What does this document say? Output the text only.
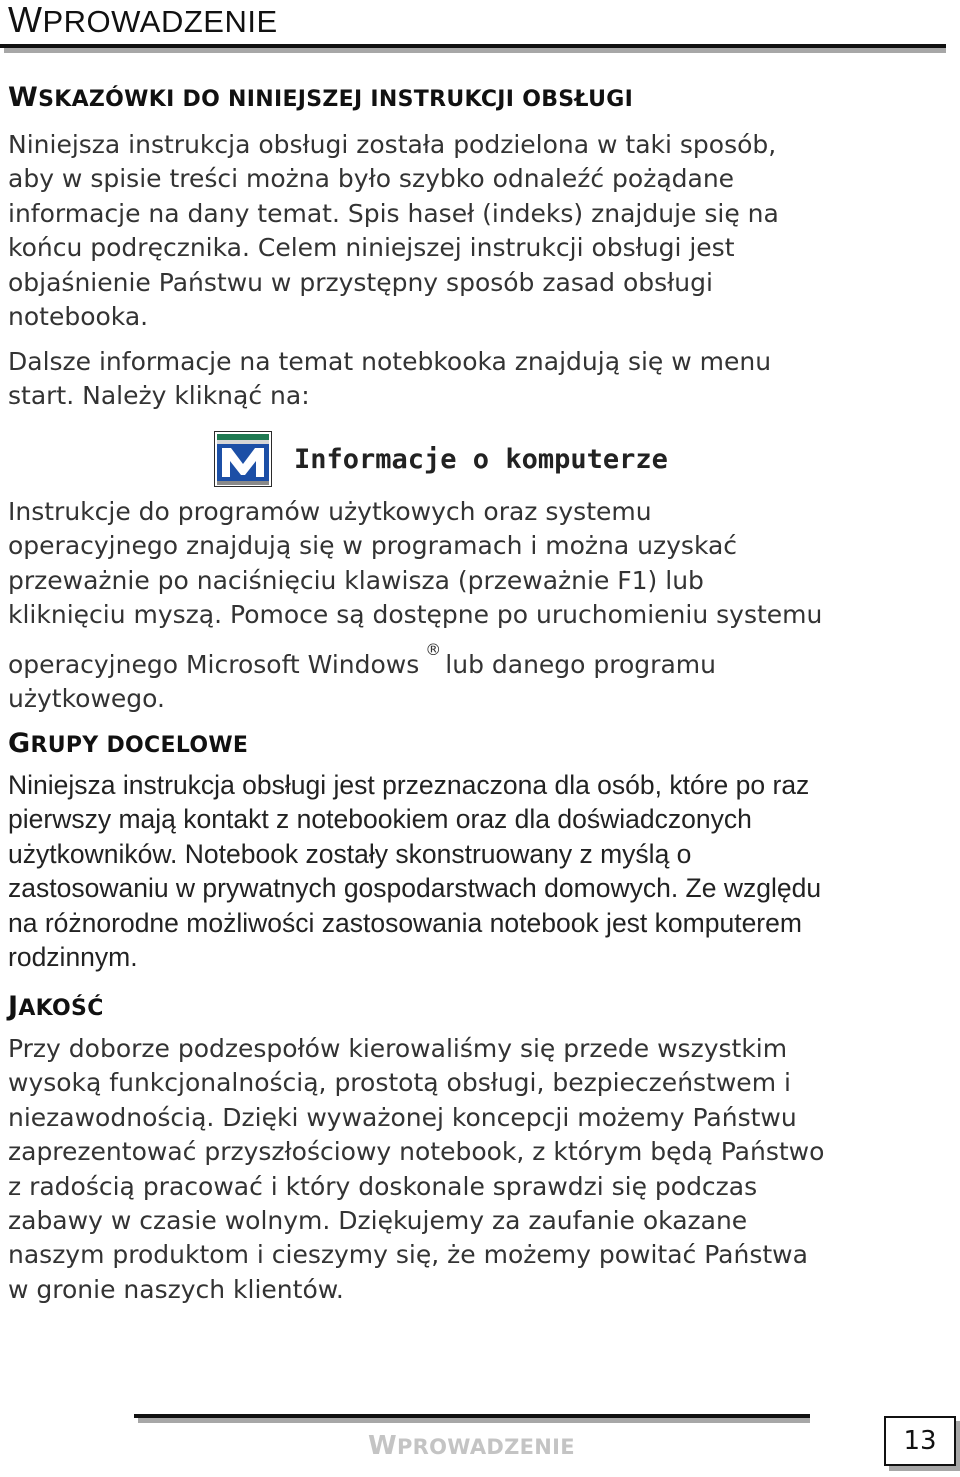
WPROWADZENIE
WSKAZÓWKI DO NINIEJSZEJ INSTRUKCJI OBSŁUGI
Niniejsza instrukcja obsługi została podzielona w taki sposób,
aby w spisie treści można było szybko odnaleźć pożądane
informacje na dany temat. Spis haseł (indeks) znajduje się na
końcu podręcznika. Celem niniejszej instrukcji obsługi jest
objaśnienie Państwu w przystępny sposób zasad obsługi
notebooka.
Dalsze informacje na temat notebkooka znajdują się w menu
start. Należy kliknąć na:
Informacje o komputerze
Instrukcje do programów użytkowych oraz systemu
operacyjnego znajdują się w programach i można uzyskać
przeważnie po naciśnięciu klawisza (przeważnie F1) lub
kliknięciu myszą. Pomoce są dostępne po uruchomieniu systemu
operacyjnego Microsoft Windows®lub danego programu
użytkowego.
GRUPY DOCELOWE
Niniejsza instrukcja obsługi jest przeznaczona dla osób, które po raz
pierwszy mają kontakt z notebookiem oraz dla doświadczonych
użytkowników. Notebook zostały skonstruowany z myślą o
zastosowaniu w prywatnych gospodarstwach domowych. Ze względu
na różnorodne możliwości zastosowania notebook jest komputerem
rodzinnym.
JAKOŚĆ
Przy doborze podzespołów kierowaliśmy się przede wszystkim
wysoką funkcjonalnością, prostotą obsługi, bezpieczeństwem i
niezawodnością. Dzięki wyważonej koncepcji możemy Państwu
zaprezentować przyszłościowy notebook, z którym będą Państwo
z radością pracować i który doskonale sprawdzi się podczas
zabawy w czasie wolnym. Dziękujemy za zaufanie okazane
naszym produktom i cieszymy się, że możemy powitać Państwa
w gronie naszych klientów.
WPROWADZENIE	13
